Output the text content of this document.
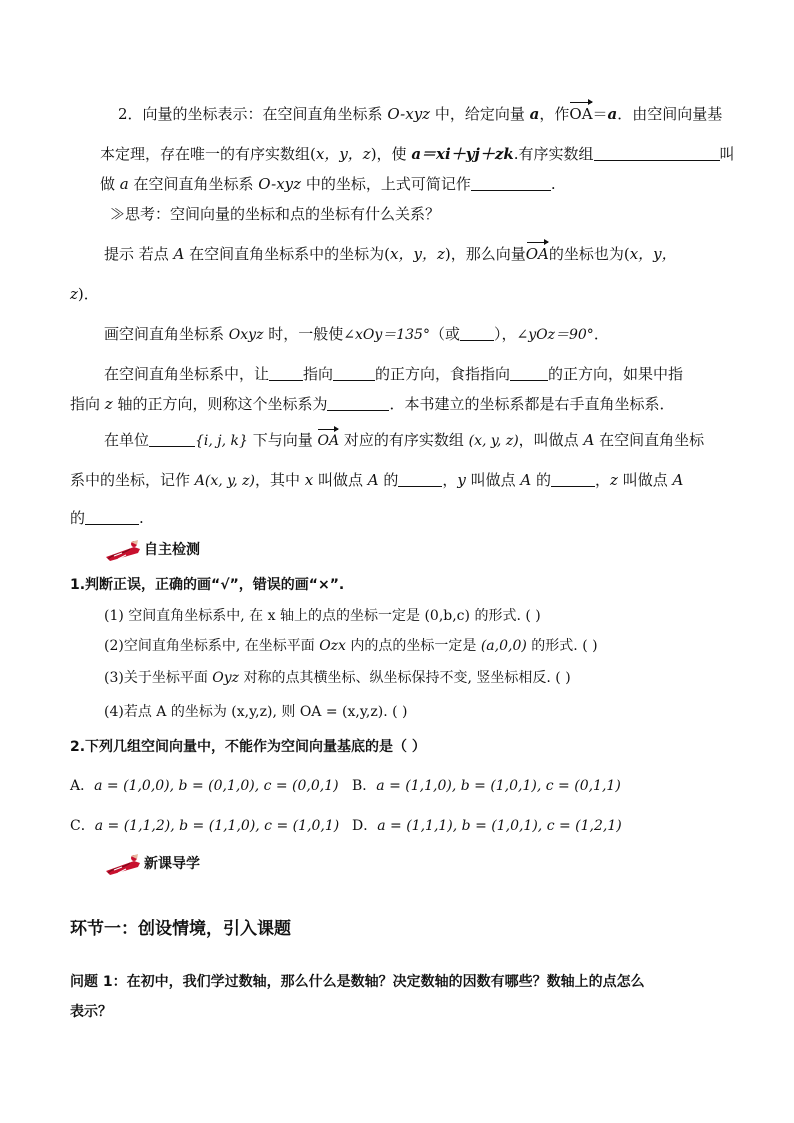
2．向量的坐标表示：在空间直角坐标系 O-xyz 中，给定向量 a，作OA＝a．由空间向量基
本定理，存在唯一的有序实数组(x，y，z)，使 a＝xi＋yj＋zk.有序实数组	叫
做 a 在空间直角坐标系 O-xyz 中的坐标，上式可简记作	.
≫思考：空间向量的坐标和点的坐标有什么关系？
提示 若点 A 在空间直角坐标系中的坐标为(x，y，z)，那么向量OA的坐标也为(x，y，
z)．
画空间直角坐标系 Oxyz 时，一般使∠xOy＝135°（或 ），∠yOz＝90°．
在空间直角坐标系中，让 指向	的正方向，食指指向	的正方向，如果中指
指向 z 轴的正方向，则称这个坐标系为	．本书建立的坐标系都是右手直角坐标系．
在单位	{i, j, k} 下与向量 OA 对应的有序实数组 (x, y, z)，叫做点 A 在空间直角坐标
系中的坐标，记作 A(x, y, z)，其中 x 叫做点 A 的	，y 叫做点 A 的	，z 叫做点 A
的	.
自主检测
1.判断正误，正确的画“√”，错误的画“×”.
(1) 空间直角坐标系中, 在 x 轴上的点的坐标一定是 (0,b,c) 的形式. ( )
(2)空间直角坐标系中, 在坐标平面 Ozx 内的点的坐标一定是 (a,0,0) 的形式. ( )
(3)关于坐标平面 Oyz 对称的点其横坐标、纵坐标保持不变, 竖坐标相反. ( )
(4)若点 A 的坐标为 (x,y,z), 则 OA = (x,y,z). ( )
2.下列几组空间向量中，不能作为空间向量基底的是（ ）
A．a = (1,0,0), b = (0,1,0), c = (0,0,1) B．a = (1,1,0), b = (1,0,1), c = (0,1,1)
C．a = (1,1,2), b = (1,1,0), c = (1,0,1) D．a = (1,1,1), b = (1,0,1), c = (1,2,1)
新课导学
环节一：创设情境，引入课题
问题 1：在初中，我们学过数轴，那么什么是数轴？决定数轴的因数有哪些？数轴上的点怎么
表示？
